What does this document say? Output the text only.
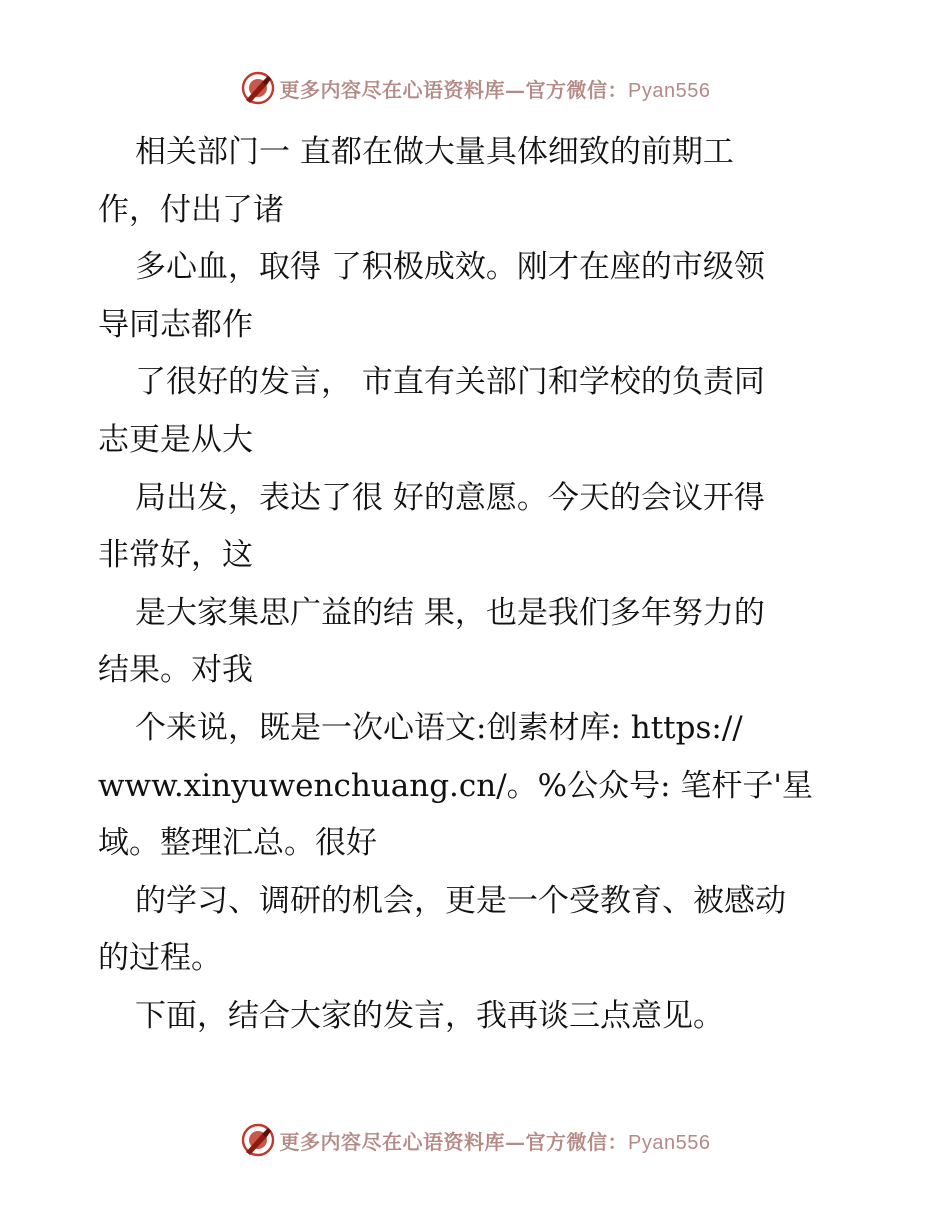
更多内容尽在心语资料库—官方微信：Pyan556

相关部门一 直都在做大量具体细致的前期工
作，付出了诸

多心血，取得 了积极成效。刚才在座的市级领
导同志都作

了很好的发言， 市直有关部门和学校的负责同
志更是从大

局出发，表达了很 好的意愿。今天的会议开得
非常好，这

是大家集思广益的结 果，也是我们多年努力的
结果。对我

个来说，既是一次心语文:创素材库: https://
www.xinyuwenchuang.cn/。%公众号: 笔杆子'星
域。整理汇总。很好

的学习、调研的机会，更是一个受教育、被感动
的过程。

下面，结合大家的发言，我再谈三点意见。

更多内容尽在心语资料库—官方微信：Pyan556
